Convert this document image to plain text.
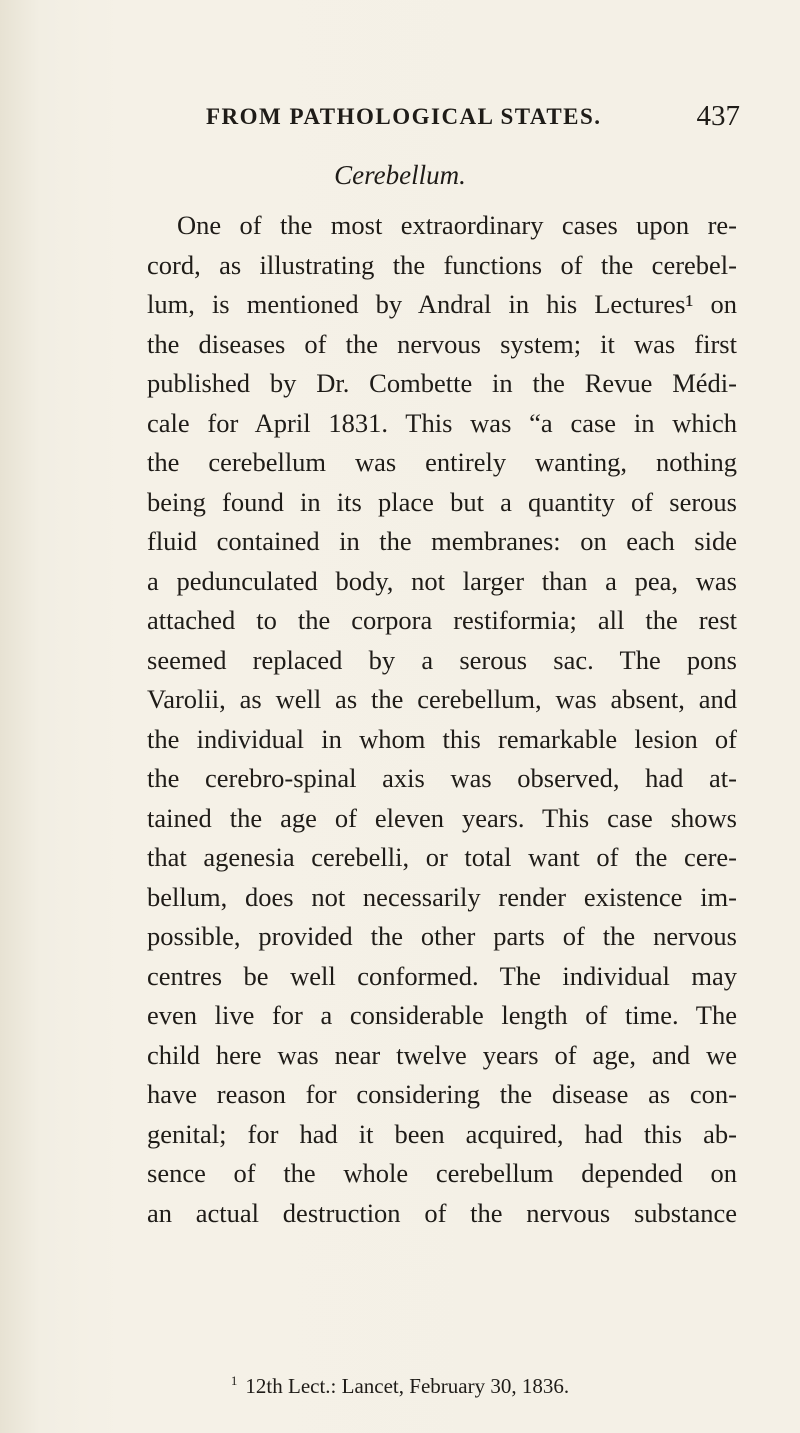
FROM PATHOLOGICAL STATES.	437
Cerebellum.
One of the most extraordinary cases upon re-
cord, as illustrating the functions of the cerebel-
lum, is mentioned by Andral in his Lectures¹ on
the diseases of the nervous system; it was first
published by Dr. Combette in the Revue Médi-
cale for April 1831. This was “a case in which
the cerebellum was entirely wanting, nothing
being found in its place but a quantity of serous
fluid contained in the membranes: on each side
a pedunculated body, not larger than a pea, was
attached to the corpora restiformia; all the rest
seemed replaced by a serous sac. The pons
Varolii, as well as the cerebellum, was absent, and
the individual in whom this remarkable lesion of
the cerebro-spinal axis was observed, had at-
tained the age of eleven years. This case shows
that agenesia cerebelli, or total want of the cere-
bellum, does not necessarily render existence im-
possible, provided the other parts of the nervous
centres be well conformed. The individual may
even live for a considerable length of time. The
child here was near twelve years of age, and we
have reason for considering the disease as con-
genital; for had it been acquired, had this ab-
sence of the whole cerebellum depended on
an actual destruction of the nervous substance
$^1$ 12th Lect.: Lancet, February 30, 1836.
